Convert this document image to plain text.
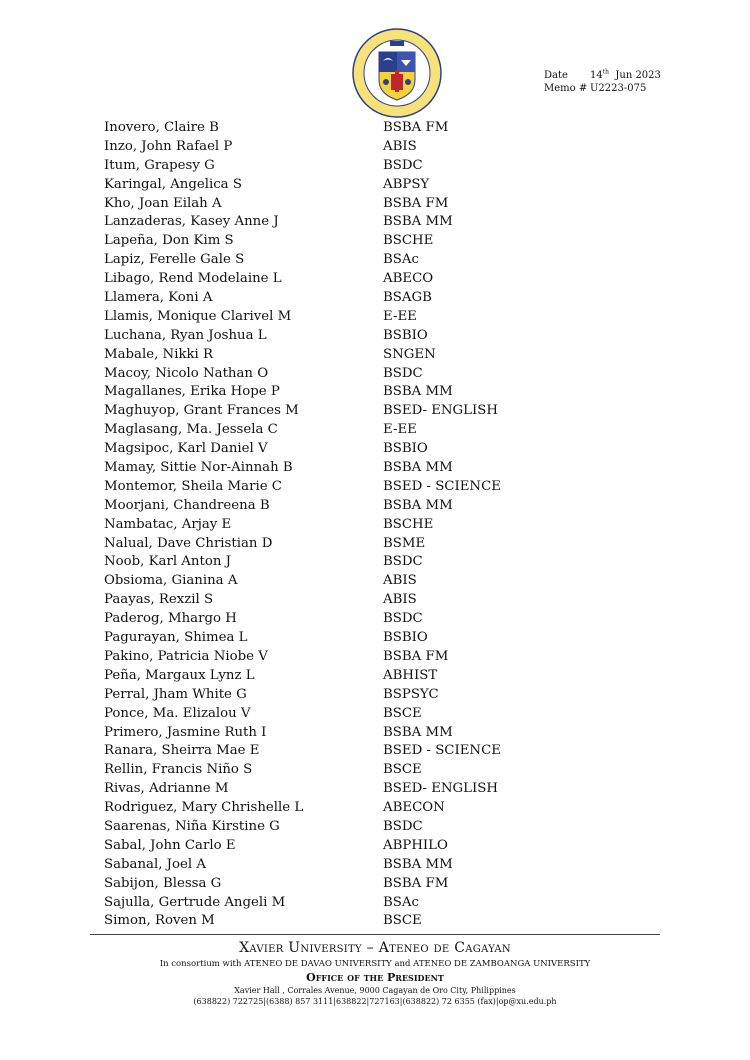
Date	14th Jun 2023
Memo # U2223-075
Inovero, Claire B	BSBA FM
Inzo, John Rafael P	ABIS
Itum, Grapesy G	BSDC
Karingal, Angelica S	ABPSY
Kho, Joan Eilah A	BSBA FM
Lanzaderas, Kasey Anne J	BSBA MM
Lapeña, Don Kim S	BSCHE
Lapiz, Ferelle Gale S	BSAc
Libago, Rend Modelaine L	ABECO
Llamera, Koni A	BSAGB
Llamis, Monique Clarivel M	E-EE
Luchana, Ryan Joshua L	BSBIO
Mabale, Nikki R	SNGEN
Macoy, Nicolo Nathan O	BSDC
Magallanes, Erika Hope P	BSBA MM
Maghuyop, Grant Frances M	BSED- ENGLISH
Maglasang, Ma. Jessela C	E-EE
Magsipoc, Karl Daniel V	BSBIO
Mamay, Sittie Nor-Ainnah B	BSBA MM
Montemor, Sheila Marie C	BSED - SCIENCE
Moorjani, Chandreena B	BSBA MM
Nambatac, Arjay E	BSCHE
Nalual, Dave Christian D	BSME
Noob, Karl Anton J	BSDC
Obsioma, Gianina A	ABIS
Paayas, Rexzil S	ABIS
Paderog, Mhargo H	BSDC
Pagurayan, Shimea L	BSBIO
Pakino, Patricia Niobe V	BSBA FM
Peña, Margaux Lynz L	ABHIST
Perral, Jham White G	BSPSYC
Ponce, Ma. Elizalou V	BSCE
Primero, Jasmine Ruth I	BSBA MM
Ranara, Sheirra Mae E	BSED - SCIENCE
Rellin, Francis Niño S	BSCE
Rivas, Adrianne M	BSED- ENGLISH
Rodriguez, Mary Chrishelle L	ABECON
Saarenas, Niña Kirstine G	BSDC
Sabal, John Carlo E	ABPHILO
Sabanal, Joel A	BSBA MM
Sabijon, Blessa G	BSBA FM
Sajulla, Gertrude Angeli M	BSAc
Simon, Roven M	BSCE
Xavier University – Ateneo de Cagayan
In consortium with ATENEO DE DAVAO UNIVERSITY and ATENEO DE ZAMBOANGA UNIVERSITY
Office of the President
Xavier Hall , Corrales Avenue, 9000 Cagayan de Oro City, Philippines
(638822) 722725|(6388) 857 3111|638822|727163|(638822) 72 6355 (fax)|op@xu.edu.ph
